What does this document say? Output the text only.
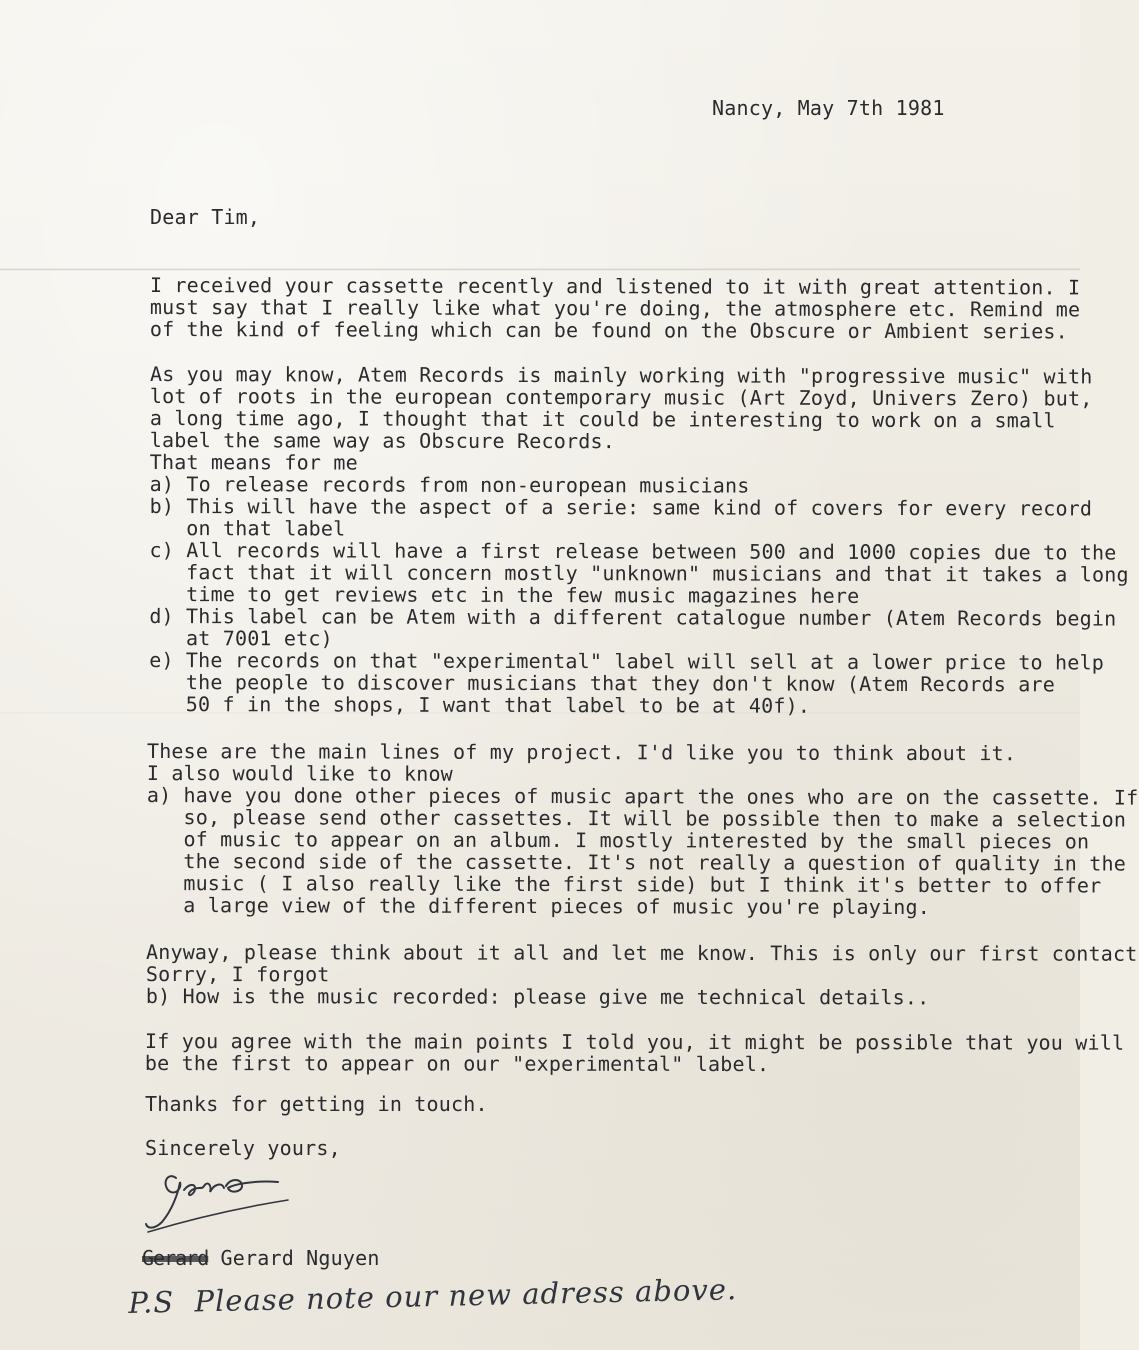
Nancy, May 7th 1981

Dear Tim,

I received your cassette recently and listened to it with great attention. I
must say that I really like what you're doing, the atmosphere etc. Remind me
of the kind of feeling which can be found on the Obscure or Ambient series.

As you may know, Atem Records is mainly working with "progressive music" with
lot of roots in the european contemporary music (Art Zoyd, Univers Zero) but,
a long time ago, I thought that it could be interesting to work on a small
label the same way as Obscure Records.
That means for me
a) To release records from non-european musicians
b) This will have the aspect of a serie: same kind of covers for every record
on that label
c) All records will have a first release between 500 and 1000 copies due to the
fact that it will concern mostly "unknown" musicians and that it takes a long
time to get reviews etc in the few music magazines here
d) This label can be Atem with a different catalogue number (Atem Records begin
at 7001 etc)
e) The records on that "experimental" label will sell at a lower price to help
the people to discover musicians that they don't know (Atem Records are
50 f in the shops, I want that label to be at 40f).

These are the main lines of my project. I'd like you to think about it.
I also would like to know
a) have you done other pieces of music apart the ones who are on the cassette. If
so, please send other cassettes. It will be possible then to make a selection
of music to appear on an album. I mostly interested by the small pieces on
the second side of the cassette. It's not really a question of quality in the
music ( I also really like the first side) but I think it's better to offer
a large view of the different pieces of music you're playing.

Anyway, please think about it all and let me know. This is only our first contact
Sorry, I forgot
b) How is the music recorded: please give me technical details..

If you agree with the main points I told you, it might be possible that you will
be the first to appear on our "experimental" label.

Thanks for getting in touch.

Sincerely yours,

Gerard Gerard Nguyen

P.S  Please note our new adress above.
